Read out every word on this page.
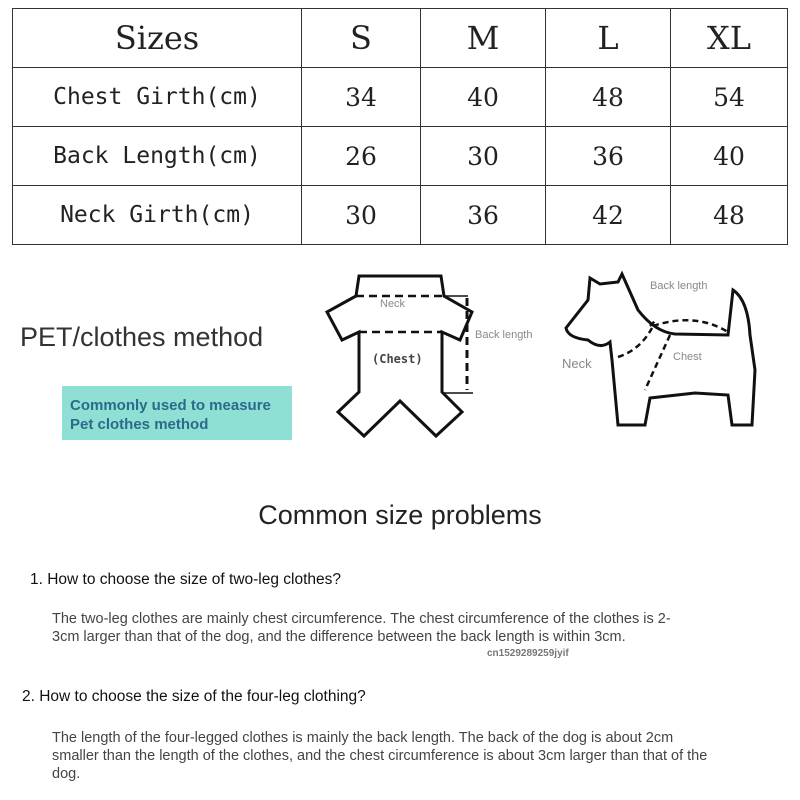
Sizes	S	M	L	XL
Chest Girth(cm)	34	40	48	54
Back Length(cm)	26	30	36	40
Neck Girth(cm)	30	36	42	48
PET/clothes method
Commonly used to measure
Pet clothes method
Neck
(Chest)
Back length
Back length
Neck	Chest
Common size problems
1. How to choose the size of two-leg clothes?
The two-leg clothes are mainly chest circumference. The chest circumference of the clothes is 2-3cm larger than that of the dog, and the difference between the back length is within 3cm.
cn1529289259jyif
2. How to choose the size of the four-leg clothing?
The length of the four-legged clothes is mainly the back length. The back of the dog is about 2cm smaller than the length of the clothes, and the chest circumference is about 3cm larger than that of the dog.
